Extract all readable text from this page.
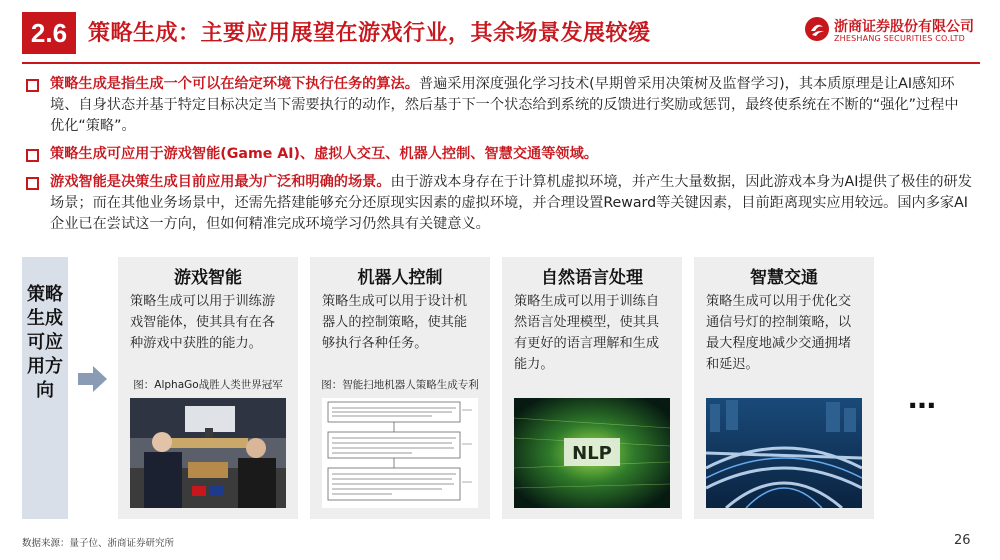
2.6 策略生成：主要应用展望在游戏行业，其余场景发展较缓	浙商证券股份有限公司
ZHESHANG SECURITIES CO.LTD
策略生成是指生成一个可以在给定环境下执行任务的算法。普遍采用深度强化学习技术(早期曾采用决策树及监督学习)，其本质原理是让AI感知环境、自身状态并基于特定目标决定当下需要执行的动作，然后基于下一个状态给到系统的反馈进行奖励或惩罚，最终使系统在不断的“强化”过程中优化“策略”。
策略生成可应用于游戏智能(Game AI)、虚拟人交互、机器人控制、智慧交通等领域。
游戏智能是决策生成目前应用最为广泛和明确的场景。由于游戏本身存在于计算机虚拟环境，并产生大量数据，因此游戏本身为AI提供了极佳的研发场景；而在其他业务场景中，还需先搭建能够充分还原现实因素的虚拟环境，并合理设置Reward等关键因素，目前距离现实应用较远。国内多家AI企业已在尝试这一方向，但如何精准完成环境学习仍然具有关键意义。
策略生成可应用方向
游戏智能
策略生成可以用于训练游戏智能体，使其具有在各种游戏中获胜的能力。
图：AlphaGo战胜人类世界冠军
机器人控制
策略生成可以用于设计机器人的控制策略，使其能够执行各种任务。
图：智能扫地机器人策略生成专利
自然语言处理
策略生成可以用于训练自然语言处理模型，使其具有更好的语言理解和生成能力。
NLP
智慧交通
策略生成可以用于优化交通信号灯的控制策略，以最大程度地减少交通拥堵和延迟。
…
数据来源：量子位、浙商证券研究所	26
